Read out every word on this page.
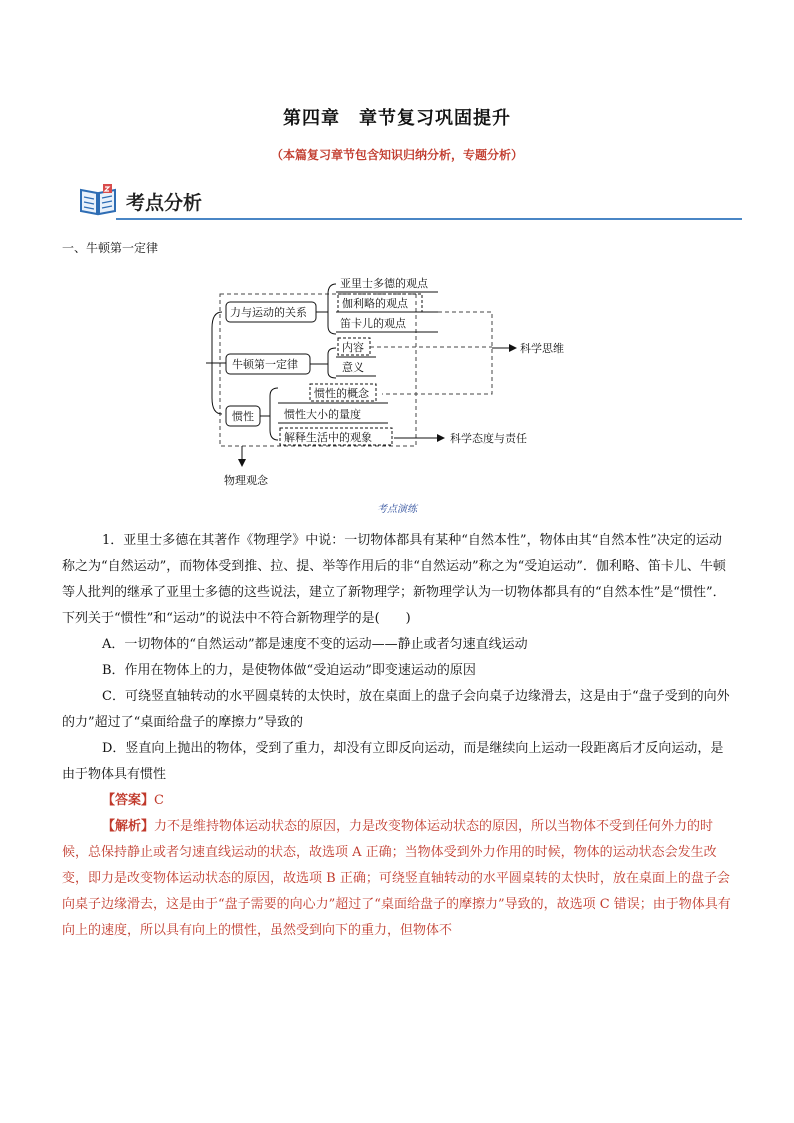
第四章　章节复习巩固提升
（本篇复习章节包含知识归纳分析，专题分析）
考点分析
一、牛顿第一定律
力与运动的关系
牛顿第一定律
惯性
亚里士多德的观点
伽利略的观点
笛卡儿的观点
内容
意义
惯性的概念
惯性大小的量度
解释生活中的观象
科学思维
科学态度与责任
物理观念
考点演练
1．亚里士多德在其著作《物理学》中说：一切物体都具有某种“自然本性”，物体由其“自然本性”决定的运动称之为“自然运动”，而物体受到推、拉、提、举等作用后的非“自然运动”称之为“受迫运动”．伽利略、笛卡儿、牛顿等人批判的继承了亚里士多德的这些说法，建立了新物理学；新物理学认为一切物体都具有的“自然本性”是“惯性”．下列关于“惯性”和“运动”的说法中不符合新物理学的是(　　)
A．一切物体的“自然运动”都是速度不变的运动——静止或者匀速直线运动
B．作用在物体上的力，是使物体做“受迫运动”即变速运动的原因
C．可绕竖直轴转动的水平圆桌转的太快时，放在桌面上的盘子会向桌子边缘滑去，这是由于“盘子受到的向外的力”超过了“桌面给盘子的摩擦力”导致的
D．竖直向上抛出的物体，受到了重力，却没有立即反向运动，而是继续向上运动一段距离后才反向运动，是由于物体具有惯性
【答案】C
【解析】力不是维持物体运动状态的原因，力是改变物体运动状态的原因，所以当物体不受到任何外力的时候，总保持静止或者匀速直线运动的状态，故选项 A 正确；当物体受到外力作用的时候，物体的运动状态会发生改变，即力是改变物体运动状态的原因，故选项 B 正确；可绕竖直轴转动的水平圆桌转的太快时，放在桌面上的盘子会向桌子边缘滑去，这是由于“盘子需要的向心力”超过了“桌面给盘子的摩擦力”导致的，故选项 C 错误；由于物体具有向上的速度，所以具有向上的惯性，虽然受到向下的重力，但物体不
